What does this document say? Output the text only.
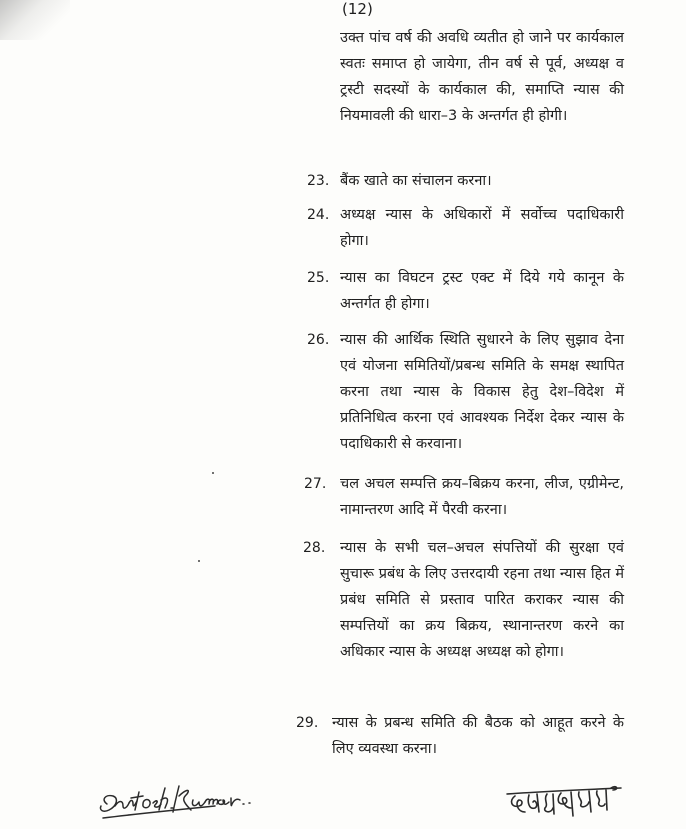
(12)
उक्त पांच वर्ष की अवधि व्यतीत हो जाने पर कार्यकाल स्वतः समाप्त हो जायेगा, तीन वर्ष से पूर्व, अध्यक्ष व ट्रस्टी सदस्यों के कार्यकाल की, समाप्ति न्यास की नियमावली की धारा–3 के अन्तर्गत ही होगी।
23. बैंक खाते का संचालन करना।
24. अध्यक्ष न्यास के अधिकारों में सर्वोच्च पदाधिकारी होगा।
25. न्यास का विघटन ट्रस्ट एक्ट में दिये गये कानून के अन्तर्गत ही होगा।
26. न्यास की आर्थिक स्थिति सुधारने के लिए सुझाव देना एवं योजना समितियों/प्रबन्ध समिति के समक्ष स्थापित करना तथा न्यास के विकास हेतु देश–विदेश में प्रतिनिधित्व करना एवं आवश्यक निर्देश देकर न्यास के पदाधिकारी से करवाना।
27. चल अचल सम्पत्ति क्रय–बिक्रय करना, लीज, एग्रीमेन्ट, नामान्तरण आदि में पैरवी करना।
28. न्यास के सभी चल–अचल संपत्तियों की सुरक्षा एवं सुचारू प्रबंध के लिए उत्तरदायी रहना तथा न्यास हित में प्रबंध समिति से प्रस्ताव पारित कराकर न्यास की सम्पत्तियों का क्रय बिक्रय, स्थानान्तरण करने का अधिकार न्यास के अध्यक्ष अध्यक्ष को होगा।
29. न्यास के प्रबन्ध समिति की बैठक को आहूत करने के लिए व्यवस्था करना।
